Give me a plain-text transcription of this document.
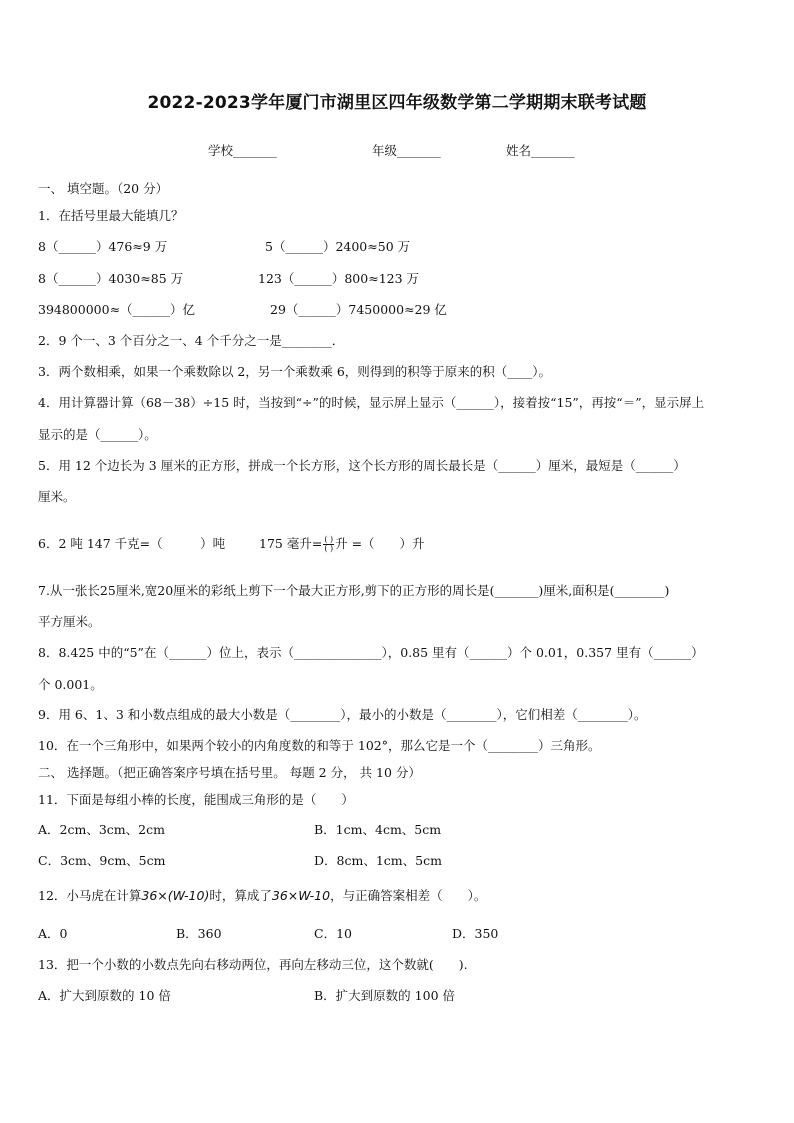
2022-2023学年厦门市湖里区四年级数学第二学期期末联考试题
学校_______	年级_______	姓名_______
一、 填空题。（20 分）
1．在括号里最大能填几？
8（______）476≈9 万	5（______）2400≈50 万
8（______）4030≈85 万	123（______）800≈123 万
394800000≈（______）亿	29（______）7450000≈29 亿
2．9 个一、3 个百分之一、4 个千分之一是________．
3．两个数相乘，如果一个乘数除以 2，另一个乘数乘 6，则得到的积等于原来的积（____）。
4．用计算器计算（68－38）÷15 时，当按到“÷”的时候，显示屏上显示（______），接着按“15”，再按“＝”，显示屏上
显示的是（______）。
5．用 12 个边长为 3 厘米的正方形，拼成一个长方形，这个长方形的周长最长是（______）厘米，最短是（______）
厘米。
6．2 吨 147 千克=（　　　）吨	175 毫升= $\frac{( )}{( )}$ 升 =（　　）升
7.从一张长25厘米,宽20厘米的彩纸上剪下一个最大正方形,剪下的正方形的周长是(_______)厘米,面积是(________)
平方厘米。
8．8.425 中的“5”在（______）位上，表示（______________），0.85 里有（______）个 0.01，0.357 里有（______）
个 0.001。
9．用 6、1、3 和小数点组成的最大小数是（________），最小的小数是（________），它们相差（________）。
10．在一个三角形中，如果两个较小的内角度数的和等于 102°，那么它是一个（________）三角形。
二、 选择题。（把正确答案序号填在括号里。 每题 2 分， 共 10 分）
11．下面是每组小棒的长度，能围成三角形的是（　　）
A．2cm、3cm、2cm	B．1cm、4cm、5cm
C．3cm、9cm、5cm	D．8cm、1cm、5cm
12．小马虎在计算36×(W-10)时，算成了36×W-10，与正确答案相差（　　）。
A．0	B．360	C．10	D．350
13．把一个小数的小数点先向右移动两位，再向左移动三位，这个数就(　　).
A．扩大到原数的 10 倍	B．扩大到原数的 100 倍
